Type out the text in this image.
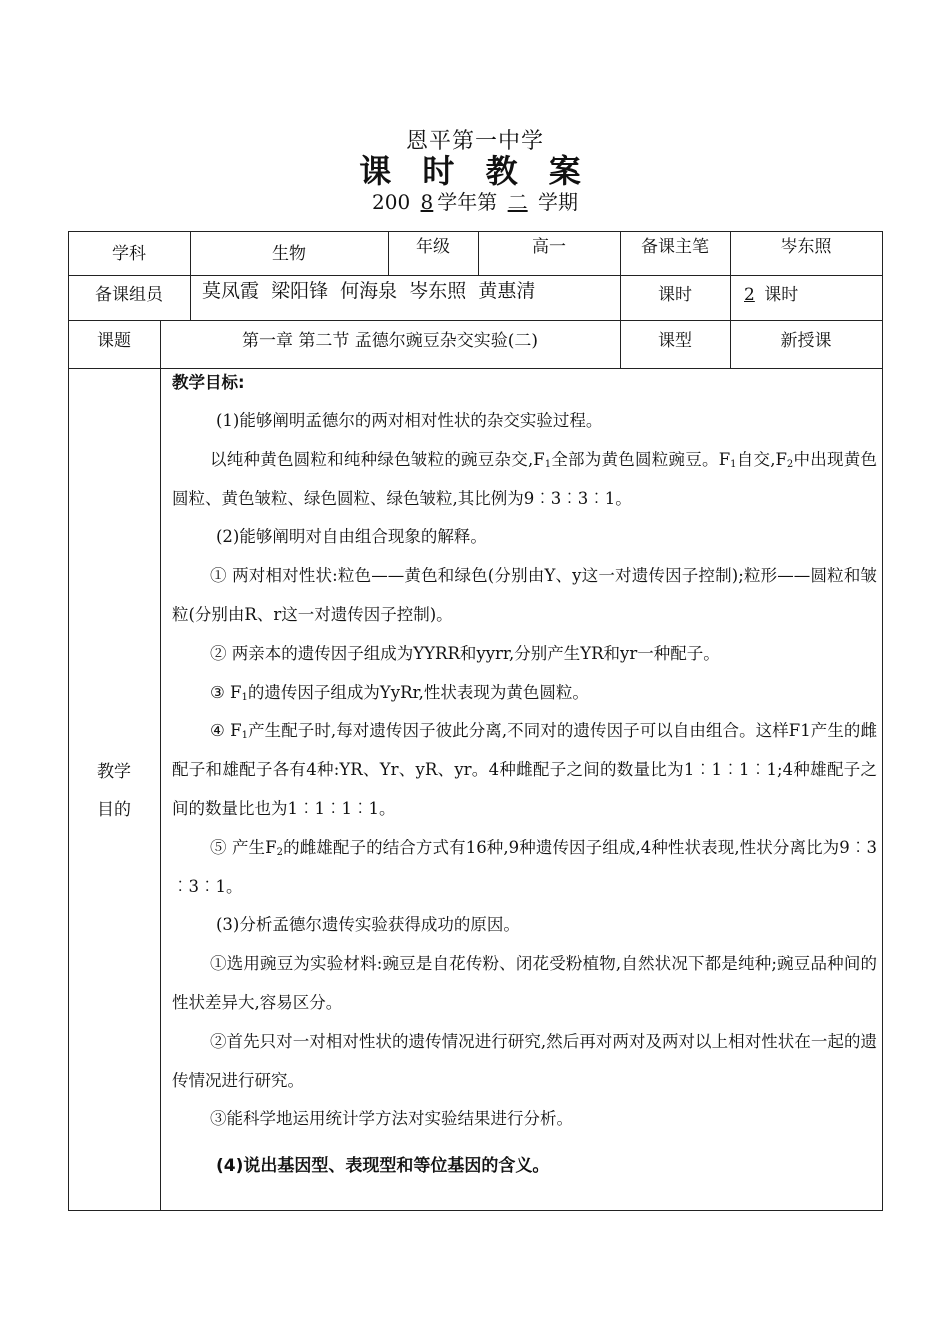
恩平第一中学
课 时 教 案
200 8 学年第 二 学期
学科	生物	年级	高一	备课主笔	岑东照
备课组员	莫凤霞  梁阳锋  何海泉  岑东照  黄惠清	课时	2 课时
课题	第一章 第二节 孟德尔豌豆杂交实验(二)	课型	新授课
教学
目的

教学目标:

(1)能够阐明孟德尔的两对相对性状的杂交实验过程。

以纯种黄色圆粒和纯种绿色皱粒的豌豆杂交$,F_1$全部为黄色圆粒豌豆。$F_1$自交$,F_2$中出现黄色圆粒、黄色皱粒、绿色圆粒、绿色皱粒,其比例为9︰3︰3︰1。

(2)能够阐明对自由组合现象的解释。

① 两对相对性状:粒色——黄色和绿色(分别由Y、y这一对遗传因子控制);粒形——圆粒和皱粒(分别由R、r这一对遗传因子控制)。

② 两亲本的遗传因子组成为YYRR和yyrr,分别产生YR和yr一种配子。

③ $F_1$的遗传因子组成为YyRr,性状表现为黄色圆粒。

④ $F_1$产生配子时,每对遗传因子彼此分离,不同对的遗传因子可以自由组合。这样F1产生的雌配子和雄配子各有4种:YR、Yr、yR、yr。4种雌配子之间的数量比为1︰1︰1︰1;4种雄配子之间的数量比也为1︰1︰1︰1。

⑤ 产生$F_2$的雌雄配子的结合方式有16种,9种遗传因子组成,4种性状表现,性状分离比为9︰3︰3︰1。

(3)分析孟德尔遗传实验获得成功的原因。

①选用豌豆为实验材料:豌豆是自花传粉、闭花受粉植物,自然状况下都是纯种;豌豆品种间的性状差异大,容易区分。

②首先只对一对相对性状的遗传情况进行研究,然后再对两对及两对以上相对性状在一起的遗传情况进行研究。

③能科学地运用统计学方法对实验结果进行分析。

(4)说出基因型、表现型和等位基因的含义。
